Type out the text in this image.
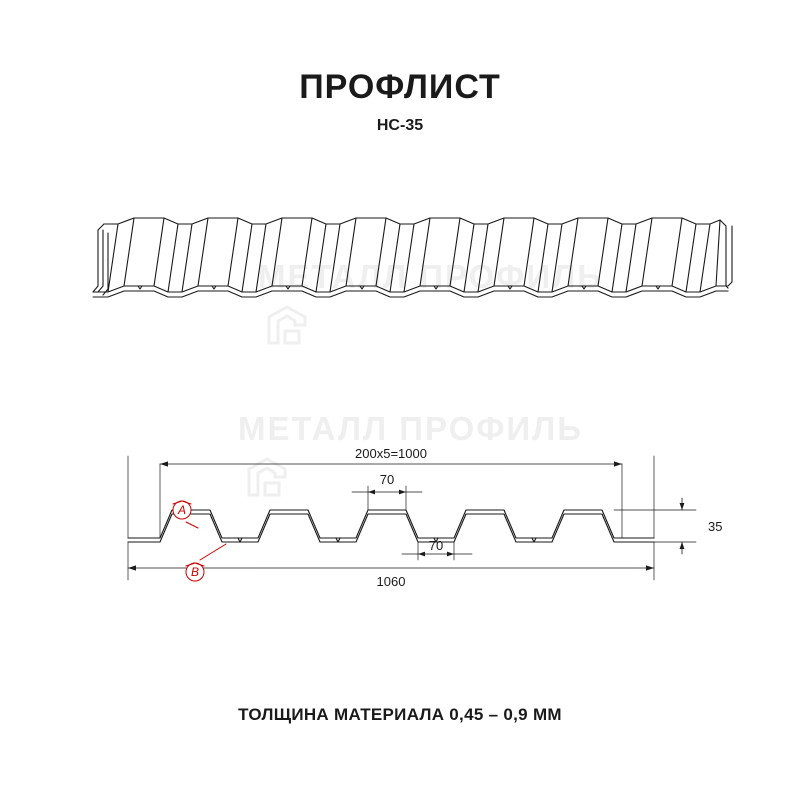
ПРОФЛИСТ
НС-35
МЕТАЛЛ ПРОФИЛЬ
МЕТАЛЛ ПРОФИЛЬ
200х5=1000
1060
70
70
35
A
B
ТОЛЩИНА МАТЕРИАЛА 0,45 – 0,9 ММ
